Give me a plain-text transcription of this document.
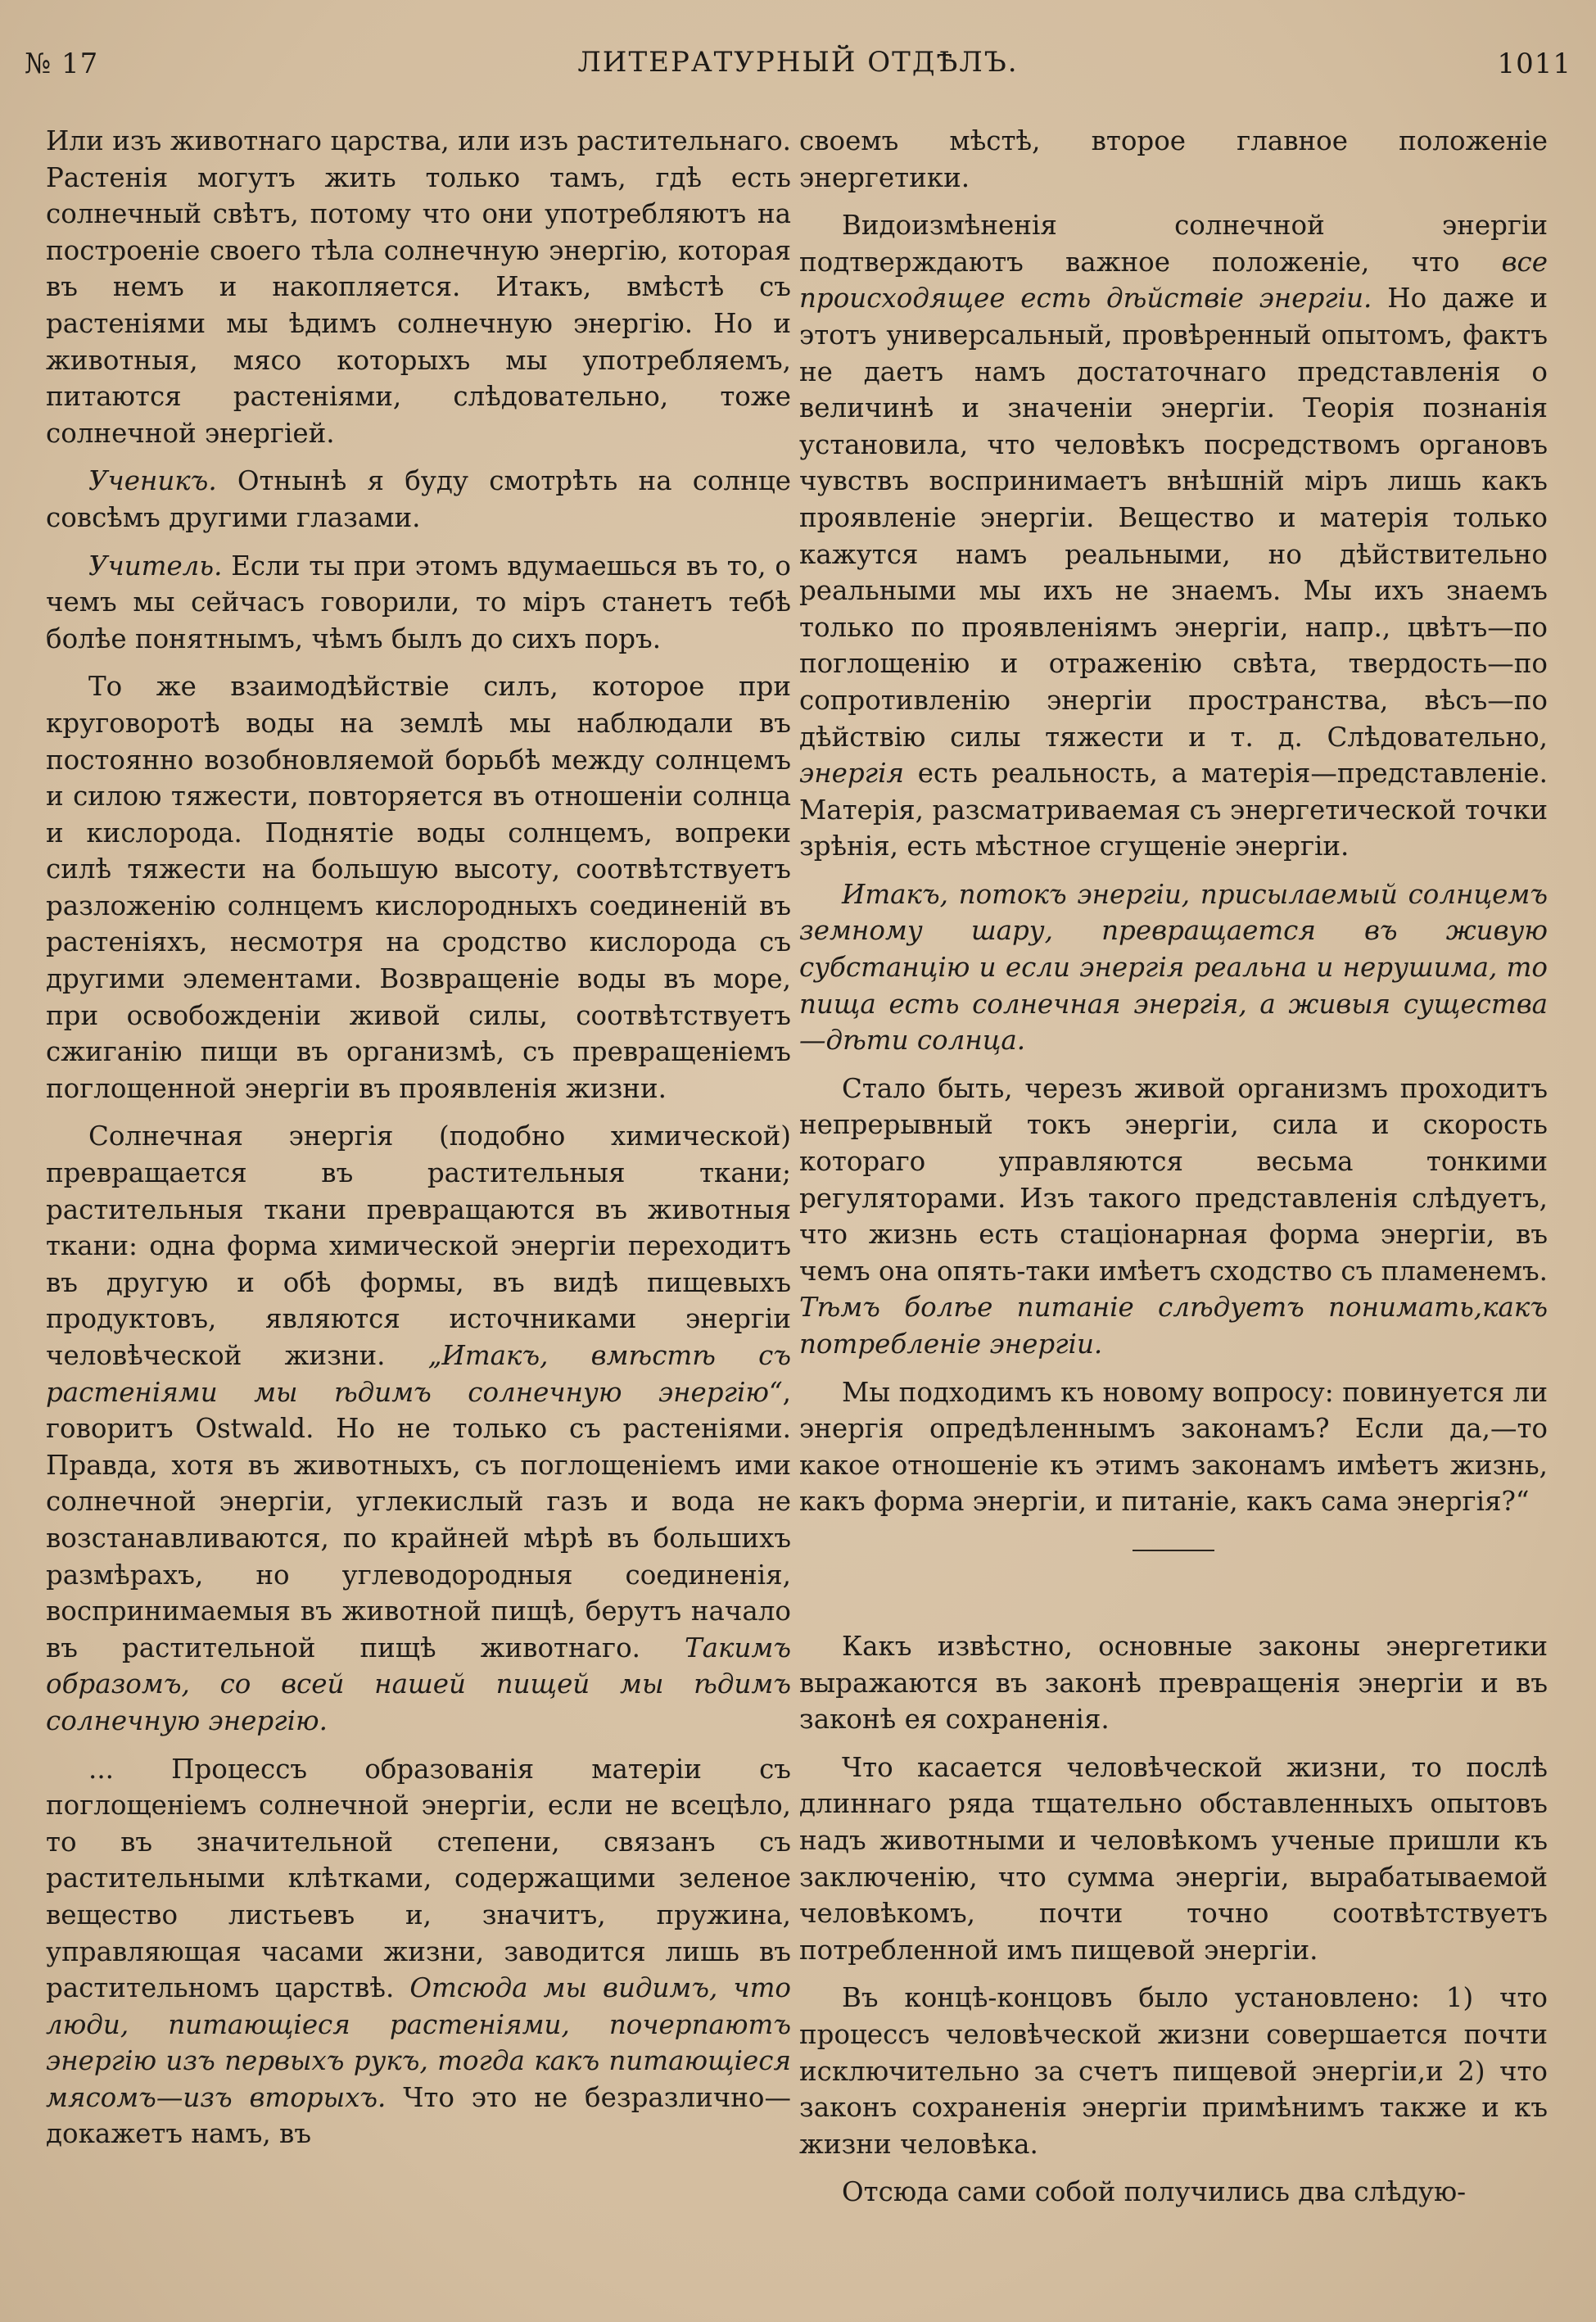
№ 17	ЛИТЕРАТУРНЫЙ ОТДѢЛЪ.	1011

Или изъ животнаго царства, или изъ растительнаго. Растенія могутъ жить только тамъ, гдѣ есть солнечный свѣтъ, потому что они употребляютъ на построеніе своего тѣла солнечную энергію, которая въ немъ и накопляется. Итакъ, вмѣстѣ съ растеніями мы ѣдимъ солнечную энергію. Но и животныя, мясо которыхъ мы употребляемъ, питаются растеніями, слѣдовательно, тоже солнечной энергіей.

Ученикъ. Отнынѣ я буду смотрѣть на солнце совсѣмъ другими глазами.

Учитель. Если ты при этомъ вдумаешься въ то, о чемъ мы сейчасъ говорили, то міръ станетъ тебѣ болѣе понятнымъ, чѣмъ былъ до сихъ поръ.

То же взаимодѣйствіе силъ, которое при круговоротѣ воды на землѣ мы наблюдали въ постоянно возобновляемой борьбѣ между солнцемъ и силою тяжести, повторяется въ отношеніи солнца и кислорода. Поднятіе воды солнцемъ, вопреки силѣ тяжести на большую высоту, соотвѣтствуетъ разложенію солнцемъ кислородныхъ соединеній въ растеніяхъ, несмотря на сродство кислорода съ другими элементами. Возвращеніе воды въ море, при освобожденіи живой силы, соотвѣтствуетъ сжиганію пищи въ организмѣ, съ превращеніемъ поглощенной энергіи въ проявленія жизни.

Солнечная энергія (подобно химической) превращается въ растительныя ткани; растительныя ткани превращаются въ животныя ткани: одна форма химической энергіи переходитъ въ другую и обѣ формы, въ видѣ пищевыхъ продуктовъ, являются источниками энергіи человѣческой жизни. „Итакъ, вмѣстѣ съ растеніями мы ѣдимъ солнечную энергію“, говоритъ Ostwald. Но не только съ растеніями. Правда, хотя въ животныхъ, съ поглощеніемъ ими солнечной энергіи, углекислый газъ и вода не возстанавливаются, по крайней мѣрѣ въ большихъ размѣрахъ, но углеводородныя соединенія, воспринимаемыя въ животной пищѣ, берутъ начало въ растительной пищѣ животнаго. Такимъ образомъ, со всей нашей пищей мы ѣдимъ солнечную энергію.

... Процессъ образованія матеріи съ поглощеніемъ солнечной энергіи, если не всецѣло, то въ значительной степени, связанъ съ растительными клѣтками, содержащими зеленое вещество листьевъ и, значитъ, пружина, управляющая часами жизни, заводится лишь въ растительномъ царствѣ. Отсюда мы видимъ, что люди, питающіеся растеніями, почерпаютъ энергію изъ первыхъ рукъ, тогда какъ питающіеся мясомъ—изъ вторыхъ. Что это не безразлично—докажетъ намъ, въ

своемъ мѣстѣ, второе главное положеніе энергетики.

Видоизмѣненія солнечной энергіи подтверждаютъ важное положеніе, что все происходящее есть дѣйствіе энергіи. Но даже и этотъ универсальный, провѣренный опытомъ, фактъ не даетъ намъ достаточнаго представленія о величинѣ и значеніи энергіи. Теорія познанія установила, что человѣкъ посредствомъ органовъ чувствъ воспринимаетъ внѣшній міръ лишь какъ проявленіе энергіи. Вещество и матерія только кажутся намъ реальными, но дѣйствительно реальными мы ихъ не знаемъ. Мы ихъ знаемъ только по проявленіямъ энергіи, напр., цвѣтъ—по поглощенію и отраженію свѣта, твердость—по сопротивленію энергіи пространства, вѣсъ—по дѣйствію силы тяжести и т. д. Слѣдовательно, энергія есть реальность, а матерія—представленіе. Матерія, разсматриваемая съ энергетической точки зрѣнія, есть мѣстное сгущеніе энергіи.

Итакъ, потокъ энергіи, присылаемый солнцемъ земному шару, превращается въ живую субстанцію и если энергія реальна и нерушима, то пища есть солнечная энергія, а живыя существа—дѣти солнца.

Стало быть, черезъ живой организмъ проходитъ непрерывный токъ энергіи, сила и скорость котораго управляются весьма тонкими регуляторами. Изъ такого представленія слѣдуетъ, что жизнь есть стаціонарная форма энергіи, въ чемъ она опять-таки имѣетъ сходство съ пламенемъ. Тѣмъ болѣе питаніе слѣдуетъ понимать,какъ потребленіе энергіи.

Мы подходимъ къ новому вопросу: повинуется ли энергія опредѣленнымъ законамъ? Если да,—то какое отношеніе къ этимъ законамъ имѣетъ жизнь, какъ форма энергіи, и питаніе, какъ сама энергія?“

Какъ извѣстно, основные законы энергетики выражаются въ законѣ превращенія энергіи и въ законѣ ея сохраненія.

Что касается человѣческой жизни, то послѣ длиннаго ряда тщательно обставленныхъ опытовъ надъ животными и человѣкомъ ученые пришли къ заключенію, что сумма энергіи, вырабатываемой человѣкомъ, почти точно соотвѣтствуетъ потребленной имъ пищевой энергіи.

Въ концѣ-концовъ было установлено: 1) что процессъ человѣческой жизни совершается почти исключительно за счетъ пищевой энергіи,и 2) что законъ сохраненія энергіи примѣнимъ также и къ жизни человѣка.

Отсюда сами собой получились два слѣдую-
